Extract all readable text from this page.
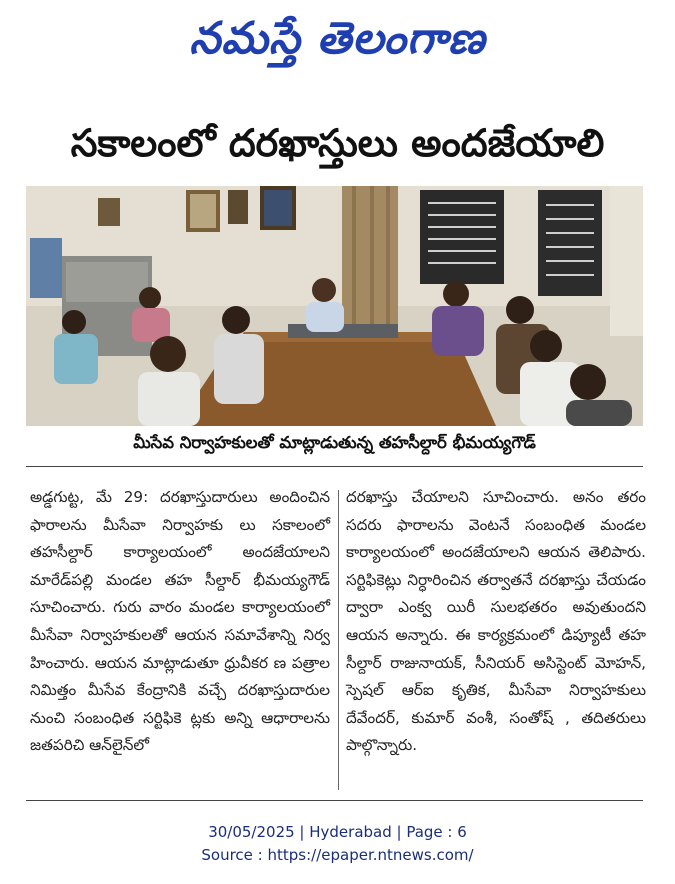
నమస్తే తెలంగాణ
సకాలంలో దరఖాస్తులు అందజేయాలి
మీసేవ నిర్వాహకులతో మాట్లాడుతున్న తహసీల్దార్ భీమయ్యగౌడ్

అడ్డగుట్ట, మే 29: దరఖాస్తుదారులు అందించిన ఫారాలను మీసేవా నిర్వాహకు లు సకాలంలో తహసీల్దార్ కార్యాలయంలో అందజేయాలని మారేడ్‌పల్లి మండల తహ సీల్దార్ భీమయ్యగౌడ్ సూచించారు. గురు వారం మండల కార్యాలయంలో మీసేవా నిర్వాహకులతో ఆయన సమావేశాన్ని నిర్వ హించారు. ఆయన మాట్లాడుతూ ధ్రువీకర ణ పత్రాల నిమిత్తం మీసేవ కేంద్రానికి వచ్చే దరఖాస్తుదారుల నుంచి సంబంధిత సర్టిఫికె ట్లకు అన్ని ఆధారాలను జతపరిచి ఆన్‌లైన్‌లో

దరఖాస్తు చేయాలని సూచించారు. అనం తరం సదరు ఫారాలను వెంటనే సంబంధిత మండల కార్యాలయంలో అందజేయాలని ఆయన తెలిపారు. సర్టిఫికెట్లు నిర్ధారించిన తర్వాతనే దరఖాస్తు చేయడం ద్వారా ఎంక్వ యిరీ సులభతరం అవుతుందని ఆయన అన్నారు. ఈ కార్యక్రమంలో డిప్యూటీ తహ సీల్దార్ రాజునాయక్, సీనియర్ అసిస్టెంట్ మోహన్, స్పెషల్ ఆర్ఐ కృతిక, మీసేవా నిర్వాహకులు దేవేందర్, కుమార్ వంశీ, సంతోష్ , తదితరులు పాల్గొన్నారు.

30/05/2025 | Hyderabad | Page : 6
Source : https://epaper.ntnews.com/
